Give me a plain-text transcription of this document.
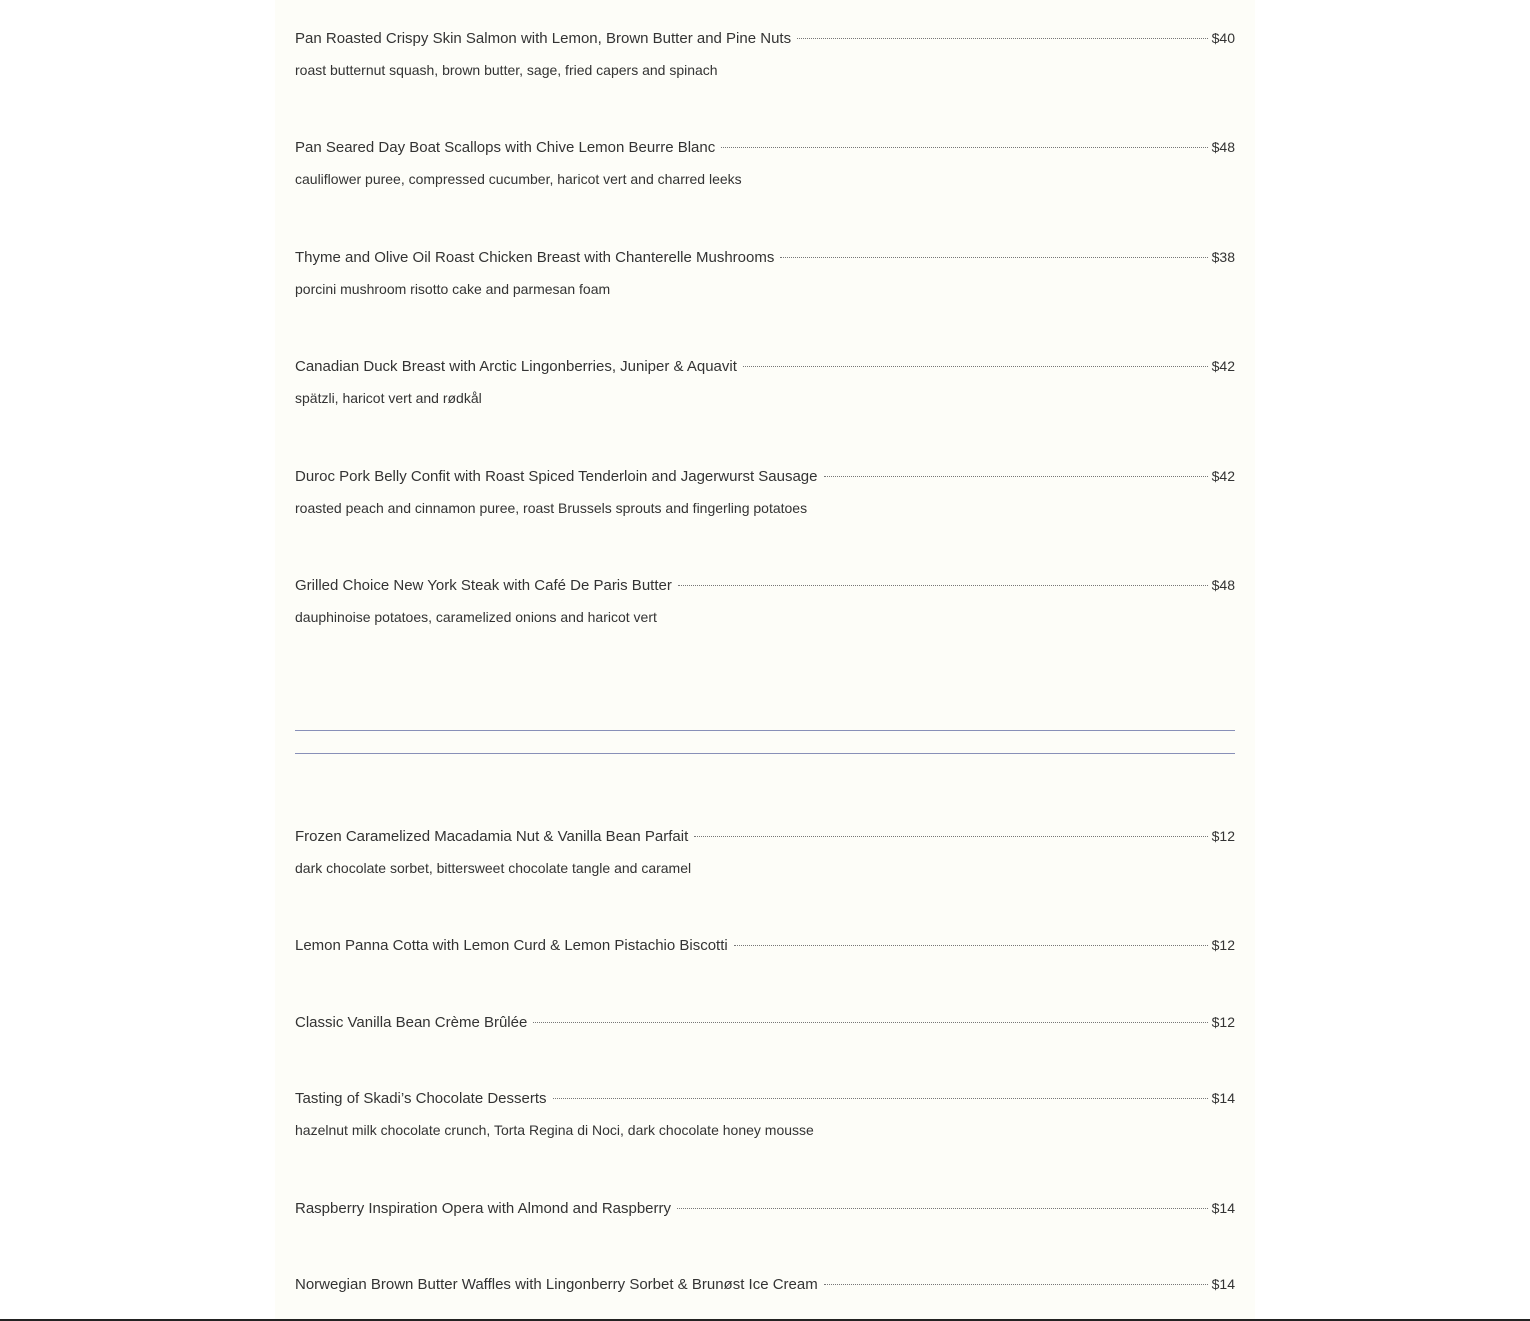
Pan Roasted Crispy Skin Salmon with Lemon, Brown Butter and Pine Nuts	$40
roast butternut squash, brown butter, sage, fried capers and spinach
Pan Seared Day Boat Scallops with Chive Lemon Beurre Blanc	$48
cauliflower puree, compressed cucumber, haricot vert and charred leeks
Thyme and Olive Oil Roast Chicken Breast with Chanterelle Mushrooms	$38
porcini mushroom risotto cake and parmesan foam
Canadian Duck Breast with Arctic Lingonberries, Juniper & Aquavit	$42
spätzli, haricot vert and rødkål
Duroc Pork Belly Confit with Roast Spiced Tenderloin and Jagerwurst Sausage	$42
roasted peach and cinnamon puree, roast Brussels sprouts and fingerling potatoes
Grilled Choice New York Steak with Café De Paris Butter	$48
dauphinoise potatoes, caramelized onions and haricot vert
Frozen Caramelized Macadamia Nut & Vanilla Bean Parfait	$12
dark chocolate sorbet, bittersweet chocolate tangle and caramel
Lemon Panna Cotta with Lemon Curd & Lemon Pistachio Biscotti	$12
Classic Vanilla Bean Crème Brûlée	$12
Tasting of Skadi’s Chocolate Desserts	$14
hazelnut milk chocolate crunch, Torta Regina di Noci, dark chocolate honey mousse
Raspberry Inspiration Opera with Almond and Raspberry	$14
Norwegian Brown Butter Waffles with Lingonberry Sorbet & Brunøst Ice Cream	$14
